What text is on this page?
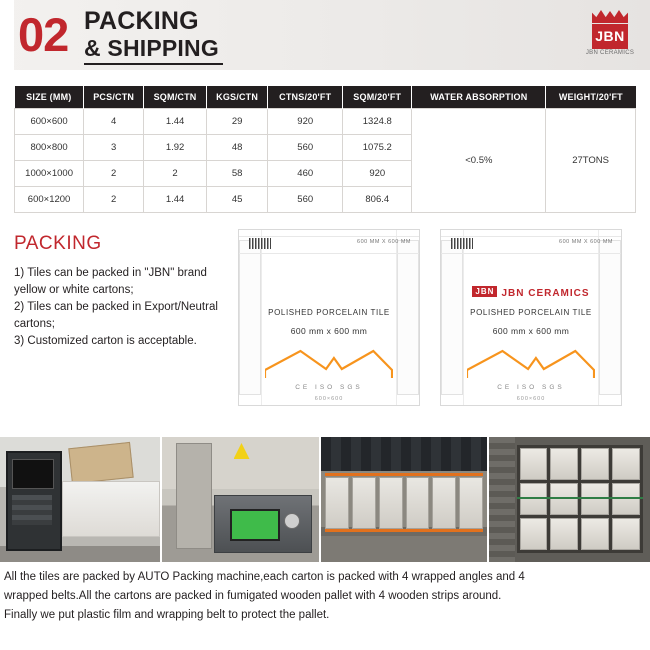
02 PACKING
& SHIPPING	JBN
JBN CERAMICS
SIZE (MM)	PCS/CTN	SQM/CTN	KGS/CTN	CTNS/20'FT	SQM/20'FT	WATER ABSORPTION	WEIGHT/20'FT
600×600	4	1.44	29	920	1324.8	<0.5%	27TONS
800×800	3	1.92	48	560	1075.2		
1000×1000	2	2	58	460	920		
600×1200	2	1.44	45	560	806.4		
PACKING
1) Tiles can be packed in "JBN" brand yellow or white cartons;
2) Tiles can be packed in Export/Neutral cartons;
3) Customized carton is acceptable.
600 MM X 600 MM
POLISHED PORCELAIN TILE
600 mm x 600 mm
CE ISO SGS
600×600
600 MM X 600 MM
JBN JBN CERAMICS
POLISHED PORCELAIN TILE
600 mm x 600 mm
CE ISO SGS
600×600
All the tiles are packed by AUTO Packing machine,each carton is packed with 4 wrapped angles and 4
wrapped belts.All the cartons are packed in fumigated wooden pallet with 4 wooden strips around.
Finally we put plastic film and wrapping belt to protect the pallet.
